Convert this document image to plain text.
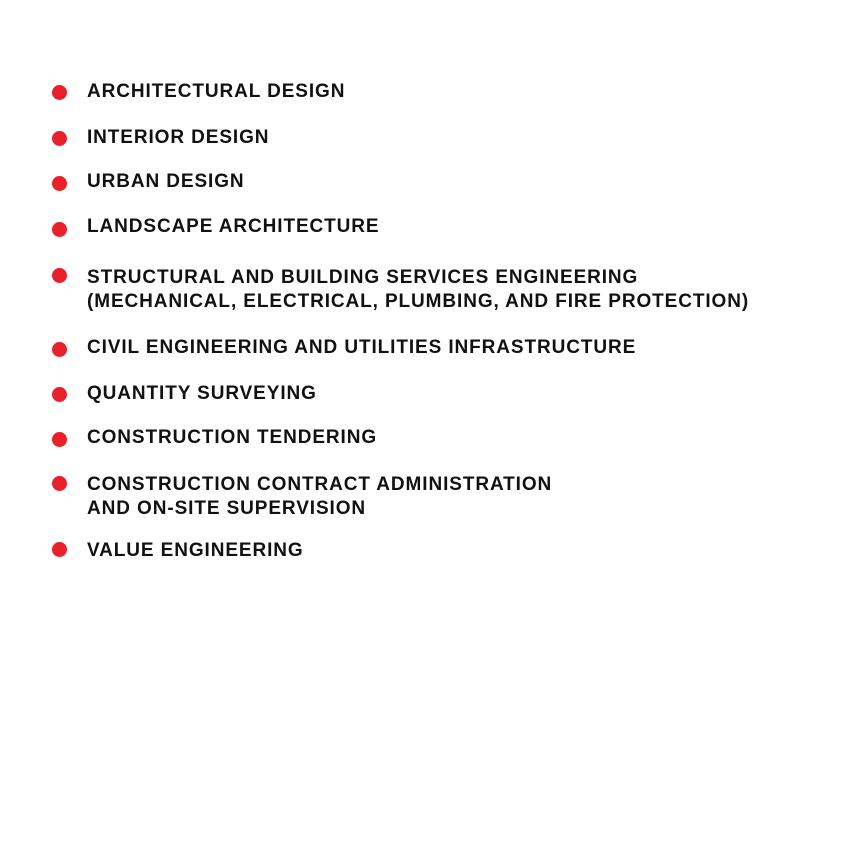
ARCHITECTURAL DESIGN
INTERIOR DESIGN
URBAN DESIGN
LANDSCAPE ARCHITECTURE
STRUCTURAL AND BUILDING SERVICES ENGINEERING
(MECHANICAL, ELECTRICAL, PLUMBING, AND FIRE PROTECTION)
CIVIL ENGINEERING AND UTILITIES INFRASTRUCTURE
QUANTITY SURVEYING
CONSTRUCTION TENDERING
CONSTRUCTION CONTRACT ADMINISTRATION
AND ON-SITE SUPERVISION
VALUE ENGINEERING
